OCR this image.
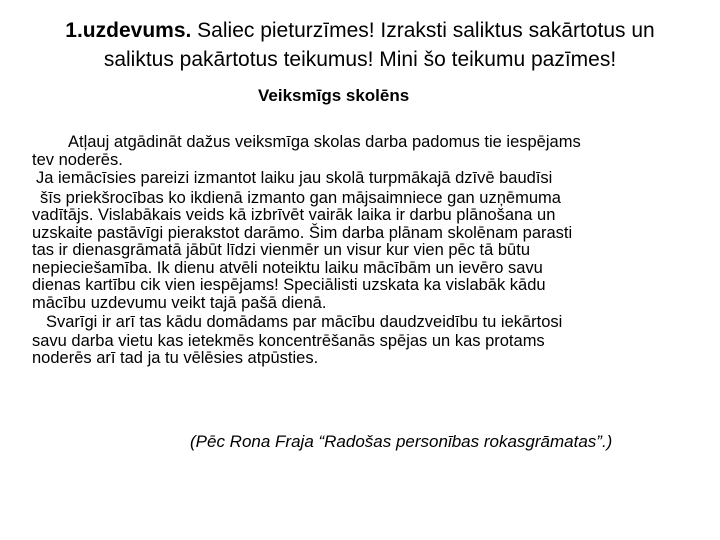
1.uzdevums. Saliec pieturzīmes! Izraksti saliktus sakārtotus un
saliktus pakārtotus teikumus! Mini šo teikumu pazīmes!
Veiksmīgs skolēns

Atļauj atgādināt dažus veiksmīga skolas darba padomus tie iespējams

tev noderēs.

Ja iemācīsies pareizi izmantot laiku jau skolā turpmākajā dzīvē baudīsi

šīs priekšrocības ko ikdienā izmanto gan mājsaimniece gan uzņēmuma

vadītājs. Vislabākais veids kā izbrīvēt vairāk laika ir darbu plānošana un

uzskaite pastāvīgi pierakstot darāmo. Šim darba plānam skolēnam parasti

tas ir dienasgrāmatā jābūt līdzi vienmēr un visur kur vien pēc tā būtu

nepieciešamība. Ik dienu atvēli noteiktu laiku mācībām un ievēro savu

dienas kartību cik vien iespējams! Speciālisti uzskata ka vislabāk kādu

mācību uzdevumu veikt tajā pašā dienā.

Svarīgi ir arī tas kādu domādams par mācību daudzveidību tu iekārtosi

savu darba vietu kas ietekmēs koncentrēšanās spējas un kas protams

noderēs arī tad ja tu vēlēsies atpūsties.

(Pēc Rona Fraja “Radošas personības rokasgrāmatas”.)
